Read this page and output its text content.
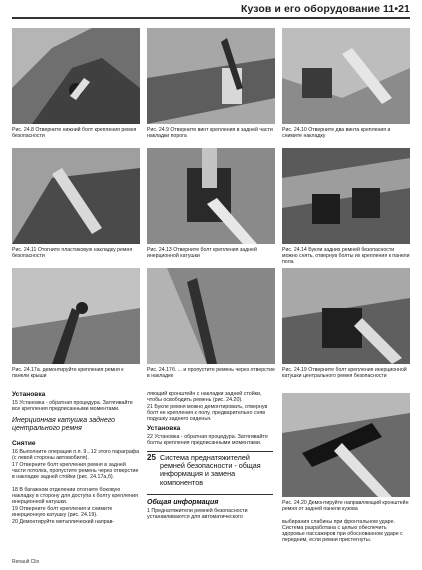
Кузов и его оборудование 11•21
Рис. 24.8 Отверните нижний болт крепления ремня безопасности
Рис. 24.9 Отверните винт крепления в задней части накладки порога
Рис. 24.10 Отверните два винта крепления и снимите накладку
Рис. 24.11 Отогните пластиковую накладку ремня безопасности
Рис. 24.13 Отверните болт крепления задней инерционной катушки
Рис. 24.14 Букли задних ремней безопасности можно снять, отвернув болты их крепления к панели пола
Рис. 24.17а. демонтируйте крепления ремня к панели крыши
Рис. 24.17б. ... и пропустите ремень через отверстие в накладке
Рис. 24.19 Отверните болт крепления инерционной катушки центрального ремня безопасности
Рис. 24.20 Демонтируйте направляющий кронштейн ремня от задней панели кузова
Установка
15 Установка - обратная процедура. Затягивайте все крепления предписанными моментами.
Инерционная катушка заднего центрального ремня
Снятие
16 Выполните операции п.п. 9...12 этого параграфа (с левой стороны автомобиля).
17 Отверните болт крепления ремня в задней части потолка, пропустите ремень через отверстие в накладке задней стойки (рис. 24.17а,б).
18 В багажном отделении отогните боковую накладку в сторону для доступа к болту крепления инерционной катушки.
19 Отверните болт крепления и снимите инерционную катушку (рис. 24.19).
20 Демонтируйте металлический направ-
ляющий кронштейн с накладки задней стойки, чтобы освободить ремень (рис. 24.20).
21 Букле ремня можно демонтировать, отвернув болт ее крепления к полу, предварительно сняв подушку заднего сиденья.
Установка
22 Установка - обратная процедура. Затягивайте болты крепления предписанными моментами.
25 Система преднатяжителей ремней безопасности - общая информация и замена компонентов
Общая информация
1 Преднатяжители ремней безопасности устанавливаются для автоматического
выбирания слабины при фронтальном ударе. Система разработана с целью обеспечить здоровье пассажиров при обоснованном ударе с передним, если ремни пристегнуты.
Renault Clio
